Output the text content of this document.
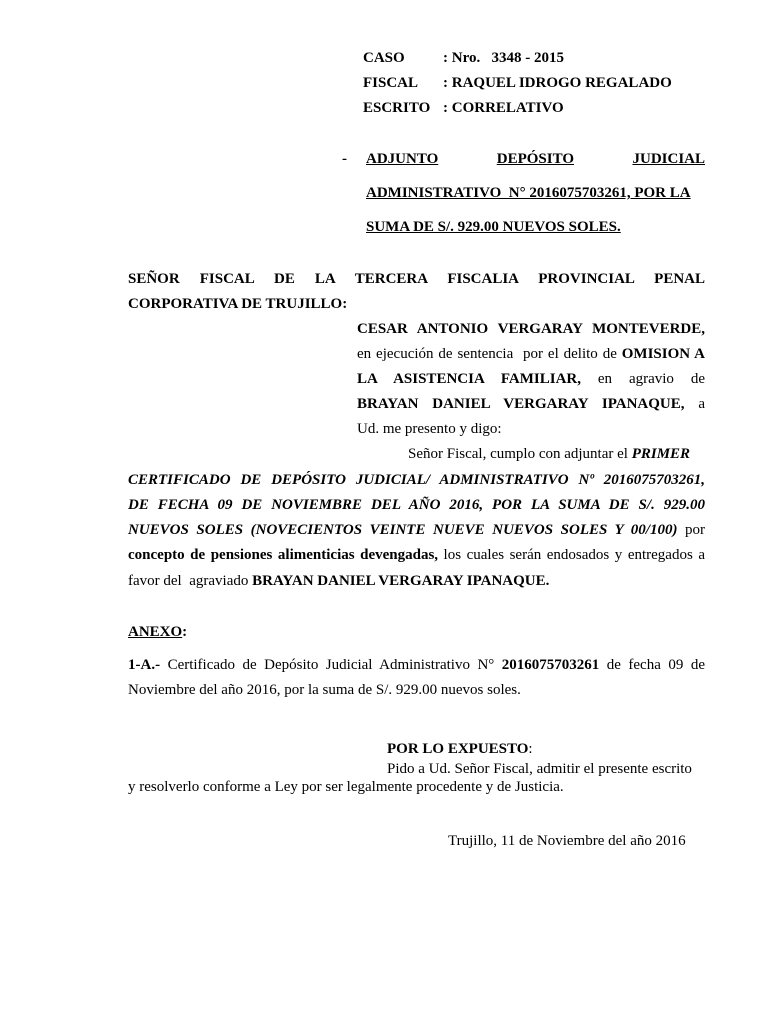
CASO	: Nro.   3348 - 2015
FISCAL : RAQUEL IDROGO REGALADO
ESCRITO : CORRELATIVO
- ADJUNTO	DEPÓSITO	JUDICIAL
ADMINISTRATIVO  N° 2016075703261, POR LA
SUMA DE S/. 929.00 NUEVOS SOLES.
SEÑOR FISCAL DE LA TERCERA FISCALIA PROVINCIAL PENAL
CORPORATIVA DE TRUJILLO:
CESAR ANTONIO VERGARAY MONTEVERDE,
en ejecución de sentencia  por el delito de OMISION A
LA ASISTENCIA FAMILIAR, en agravio de
BRAYAN DANIEL VERGARAY IPANAQUE, a
Ud. me presento y digo:
Señor Fiscal, cumplo con adjuntar el PRIMER
CERTIFICADO DE DEPÓSITO JUDICIAL/ ADMINISTRATIVO Nº 2016075703261,
DE FECHA 09 DE NOVIEMBRE DEL AÑO 2016, POR LA SUMA DE S/. 929.00
NUEVOS SOLES (NOVECIENTOS VEINTE NUEVE NUEVOS SOLES Y 00/100) por
concepto de pensiones alimenticias devengadas, los cuales serán endosados y entregados a
favor del  agraviado BRAYAN DANIEL VERGARAY IPANAQUE.
ANEXO:
1-A.- Certificado de Depósito Judicial Administrativo N° 2016075703261 de fecha 09 de
Noviembre del año 2016, por la suma de S/. 929.00 nuevos soles.
POR LO EXPUESTO:
Pido a Ud. Señor Fiscal, admitir el presente escrito
y resolverlo conforme a Ley por ser legalmente procedente y de Justicia.
Trujillo, 11 de Noviembre del año 2016
